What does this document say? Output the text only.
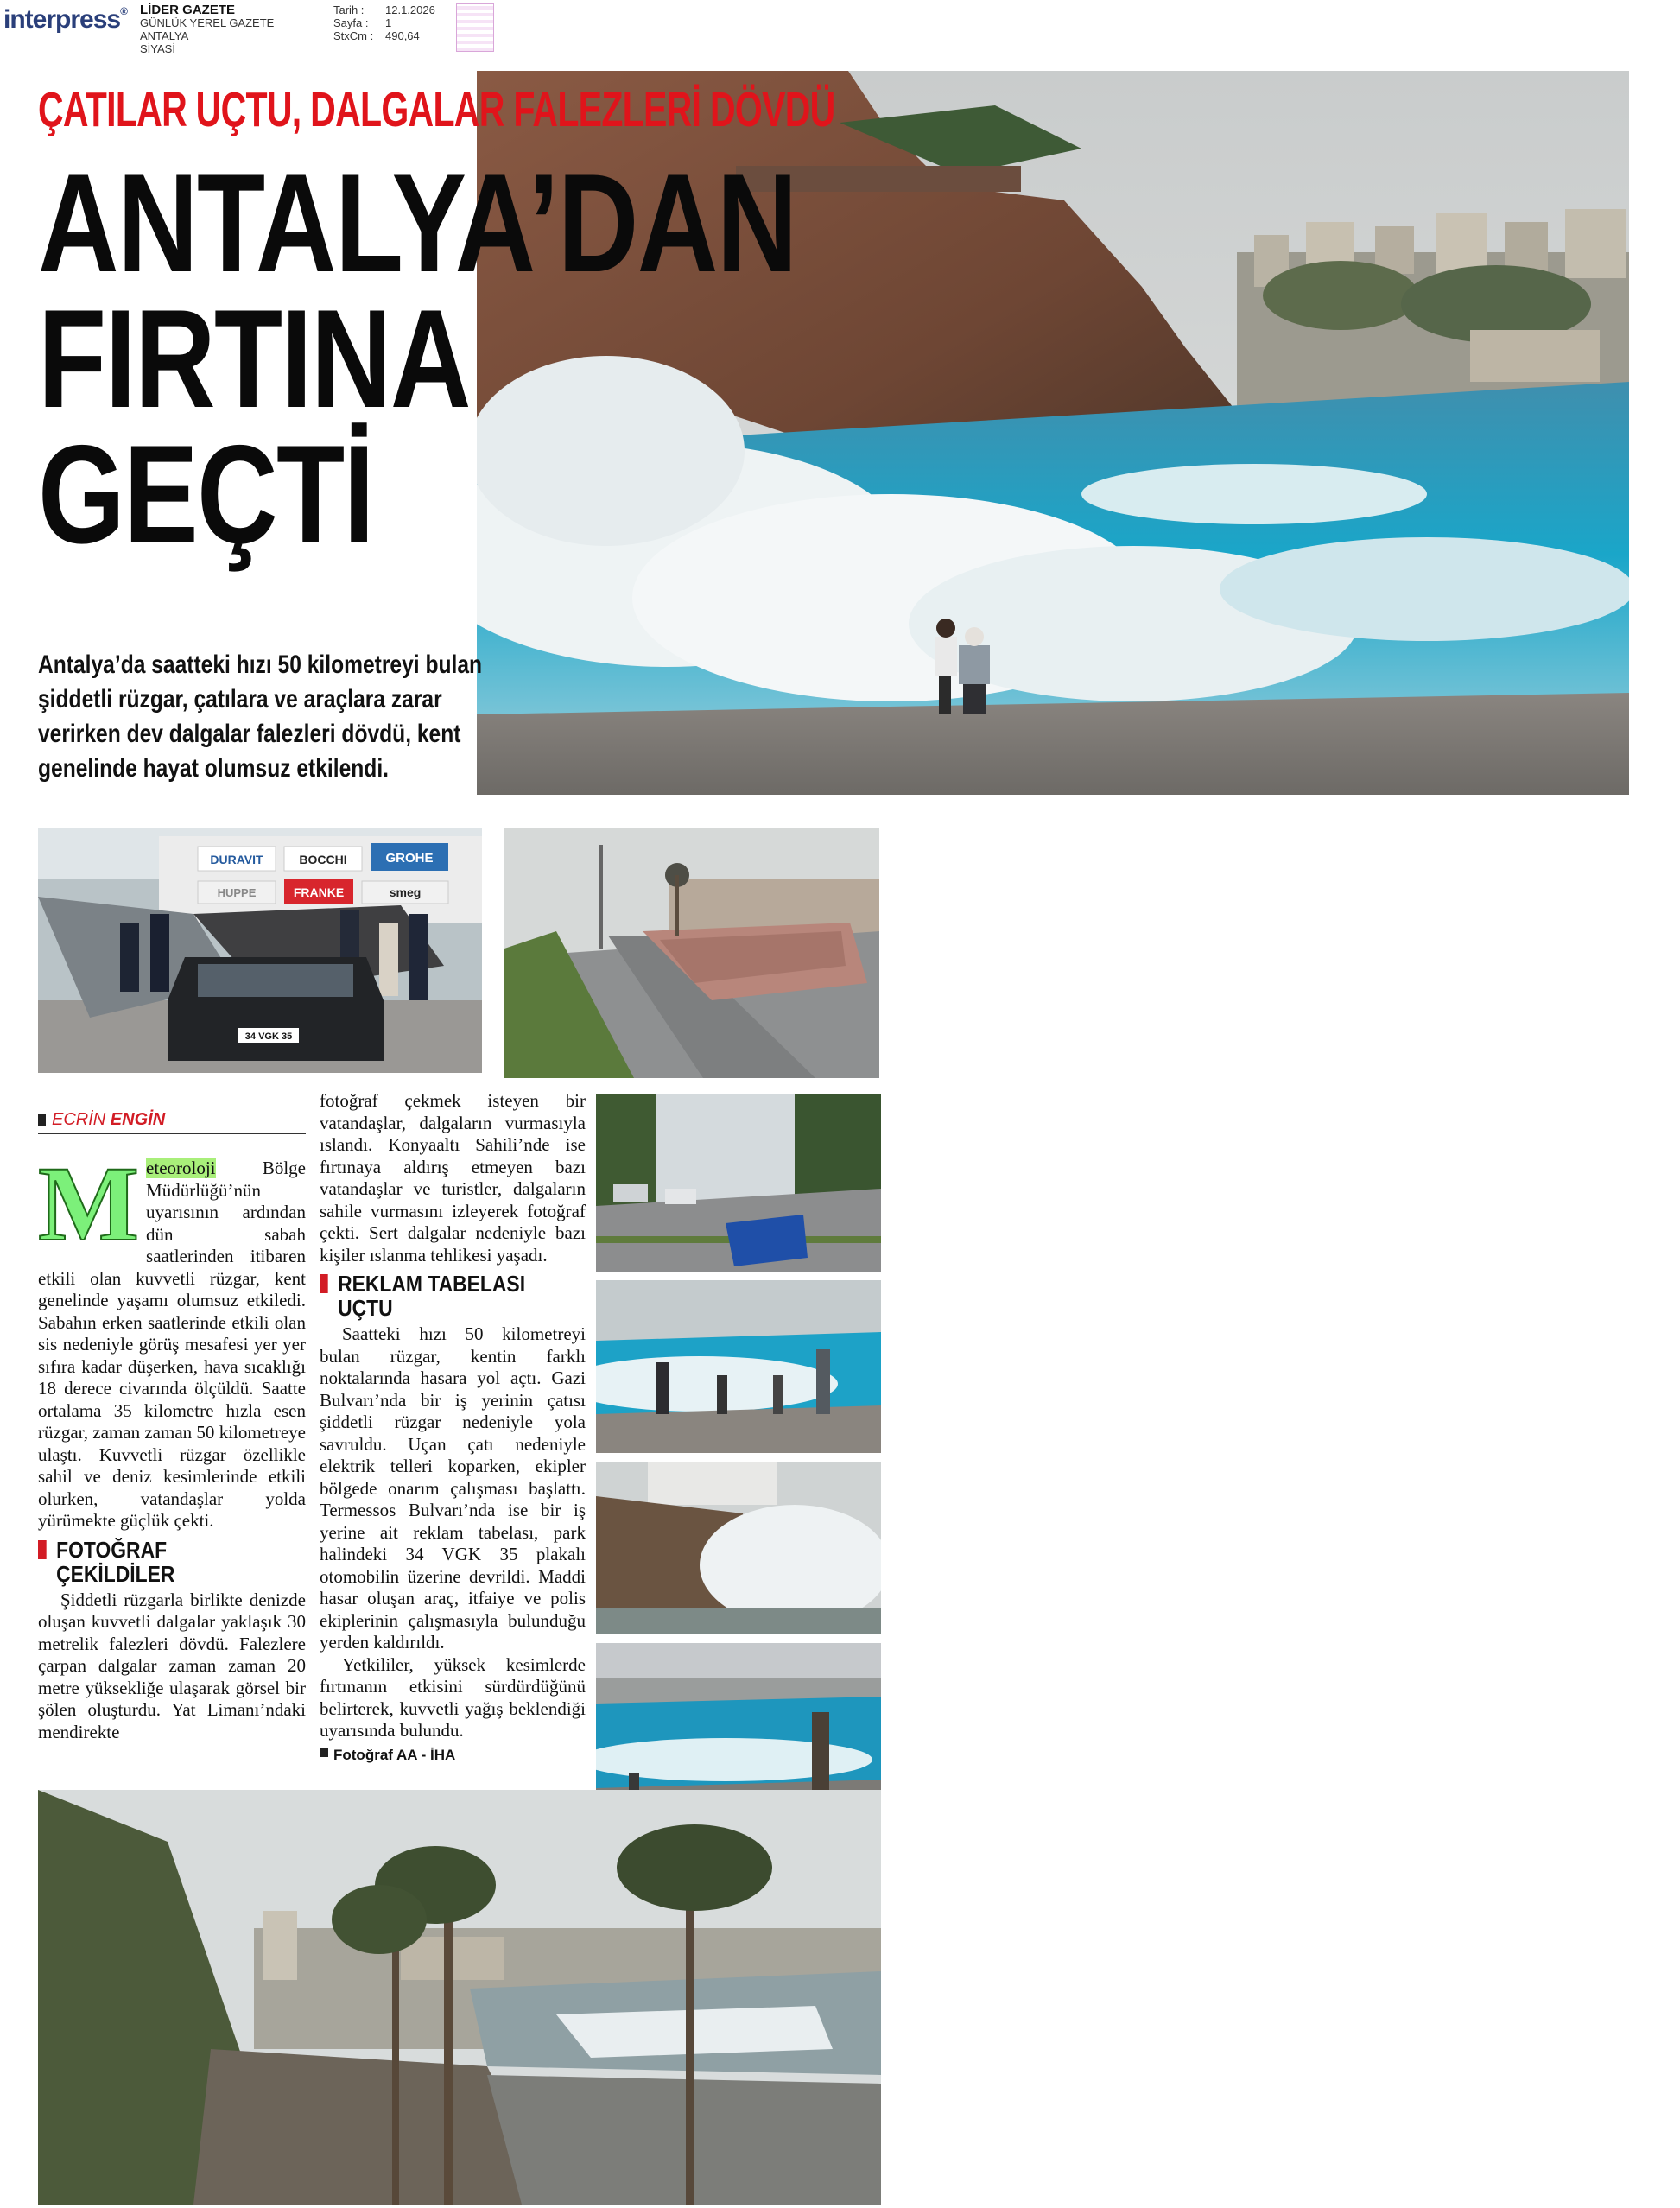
interpress® LİDER GAZETE
GÜNLÜK YEREL GAZETE
ANTALYA
SİYASİ
Tarih : 12.1.2026
Sayfa : 1
StxCm : 490,64
ÇATILAR UÇTU, DALGALAR FALEZLERİ DÖVDÜ
ANTALYA’DAN
FIRTINA
GEÇTİ
Antalya’da saatteki hızı 50 kilometreyi bulan şiddetli rüzgar, çatılara ve araçlara zarar verirken dev dalgalar falezleri dövdü, kent genelinde hayat olumsuz etkilendi.
DURAVIT	BOCCHI	GROHE
HUPPE	FRANKE	smeg
34 VGK 35
ECRİN ENGİN

Meteoroloji Bölge Müdürlüğü’nün uyarısının ardından dün sabah saatlerinden itibaren etkili olan kuvvetli rüzgar, kent genelinde yaşamı olumsuz etkiledi. Sabahın erken saatlerinde etkili olan sis nedeniyle görüş mesafesi yer yer sıfıra kadar düşerken, hava sıcaklığı 18 derece civarında ölçüldü. Saatte ortalama 35 kilometre hızla esen rüzgar, zaman zaman 50 kilometreye ulaştı. Kuvvetli rüzgar özellikle sahil ve deniz kesimlerinde etkili olurken, vatandaşlar yolda yürümekte güçlük çekti.

FOTOĞRAF ÇEKİLDİLER

Şiddetli rüzgarla birlikte denizde oluşan kuvvetli dalgalar yaklaşık 30 metrelik falezleri dövdü. Falezlere çarpan dalgalar zaman zaman 20 metre yüksekliğe ulaşarak görsel bir şölen oluşturdu. Yat Limanı’ndaki mendirekte

fotoğraf çekmek isteyen bir vatandaşlar, dalgaların vurmasıyla ıslandı. Konyaaltı Sahili’nde ise fırtınaya aldırış etmeyen bazı vatandaşlar ve turistler, dalgaların sahile vurmasını izleyerek fotoğraf çekti. Sert dalgalar nedeniyle bazı kişiler ıslanma tehlikesi yaşadı.

REKLAM TABELASI UÇTU

Saatteki hızı 50 kilometreyi bulan rüzgar, kentin farklı noktalarında hasara yol açtı. Gazi Bulvarı’nda bir iş yerinin çatısı şiddetli rüzgar nedeniyle yola savruldu. Uçan çatı nedeniyle elektrik telleri koparken, ekipler bölgede onarım çalışması başlattı. Termessos Bulvarı’nda ise bir iş yerine ait reklam tabelası, park halindeki 34 VGK 35 plakalı otomobilin üzerine devrildi. Maddi hasar oluşan araç, itfaiye ve polis ekiplerinin çalışmasıyla bulunduğu yerden kaldırıldı.

Yetkililer, yüksek kesimlerde fırtınanın etkisini sürdürdüğünü belirterek, kuvvetli yağış beklendiği uyarısında bulundu.

Fotoğraf AA - İHA
